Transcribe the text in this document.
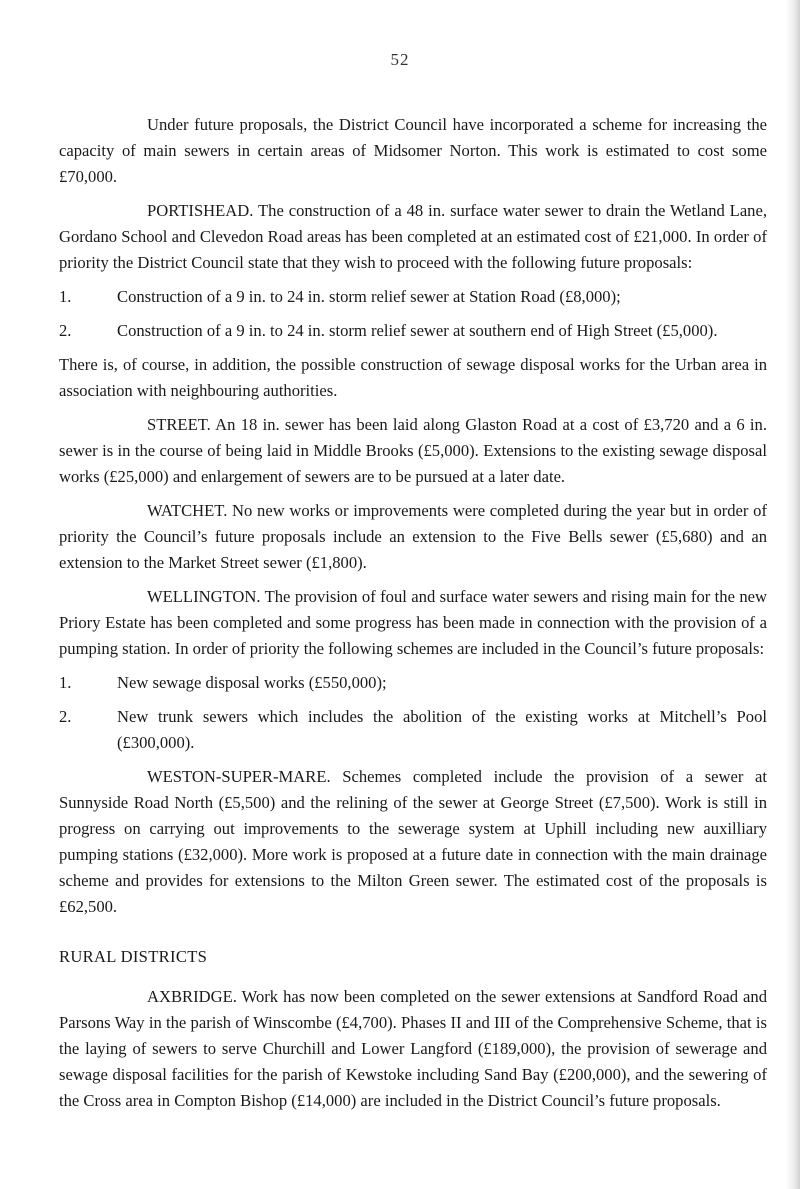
52

Under future proposals, the District Council have incorporated a scheme for increasing the capacity of main sewers in certain areas of Midsomer Norton. This work is estimated to cost some £70,000.

PORTISHEAD. The construction of a 48 in. surface water sewer to drain the Wetland Lane, Gordano School and Clevedon Road areas has been completed at an estimated cost of £21,000. In order of priority the District Council state that they wish to proceed with the following future proposals:

1.	Construction of a 9 in. to 24 in. storm relief sewer at Station Road (£8,000);
2.	Construction of a 9 in. to 24 in. storm relief sewer at southern end of High Street (£5,000).

There is, of course, in addition, the possible construction of sewage disposal works for the Urban area in association with neighbouring authorities.

STREET. An 18 in. sewer has been laid along Glaston Road at a cost of £3,720 and a 6 in. sewer is in the course of being laid in Middle Brooks (£5,000). Extensions to the existing sewage disposal works (£25,000) and enlargement of sewers are to be pursued at a later date.

WATCHET. No new works or improvements were completed during the year but in order of priority the Council’s future proposals include an extension to the Five Bells sewer (£5,680) and an extension to the Market Street sewer (£1,800).

WELLINGTON. The provision of foul and surface water sewers and rising main for the new Priory Estate has been completed and some progress has been made in connection with the provision of a pumping station. In order of priority the following schemes are included in the Council’s future proposals:

1.	New sewage disposal works (£550,000);
2.	New trunk sewers which includes the abolition of the existing works at Mitchell’s Pool (£300,000).

WESTON-SUPER-MARE. Schemes completed include the provision of a sewer at Sunnyside Road North (£5,500) and the relining of the sewer at George Street (£7,500). Work is still in progress on carrying out improvements to the sewerage system at Uphill including new auxilliary pumping stations (£32,000). More work is proposed at a future date in connection with the main drainage scheme and provides for extensions to the Milton Green sewer. The estimated cost of the proposals is £62,500.

RURAL DISTRICTS

AXBRIDGE. Work has now been completed on the sewer extensions at Sandford Road and Parsons Way in the parish of Winscombe (£4,700). Phases II and III of the Comprehensive Scheme, that is the laying of sewers to serve Churchill and Lower Langford (£189,000), the provision of sewerage and sewage disposal facilities for the parish of Kewstoke including Sand Bay (£200,000), and the sewering of the Cross area in Compton Bishop (£14,000) are included in the District Council’s future proposals.
